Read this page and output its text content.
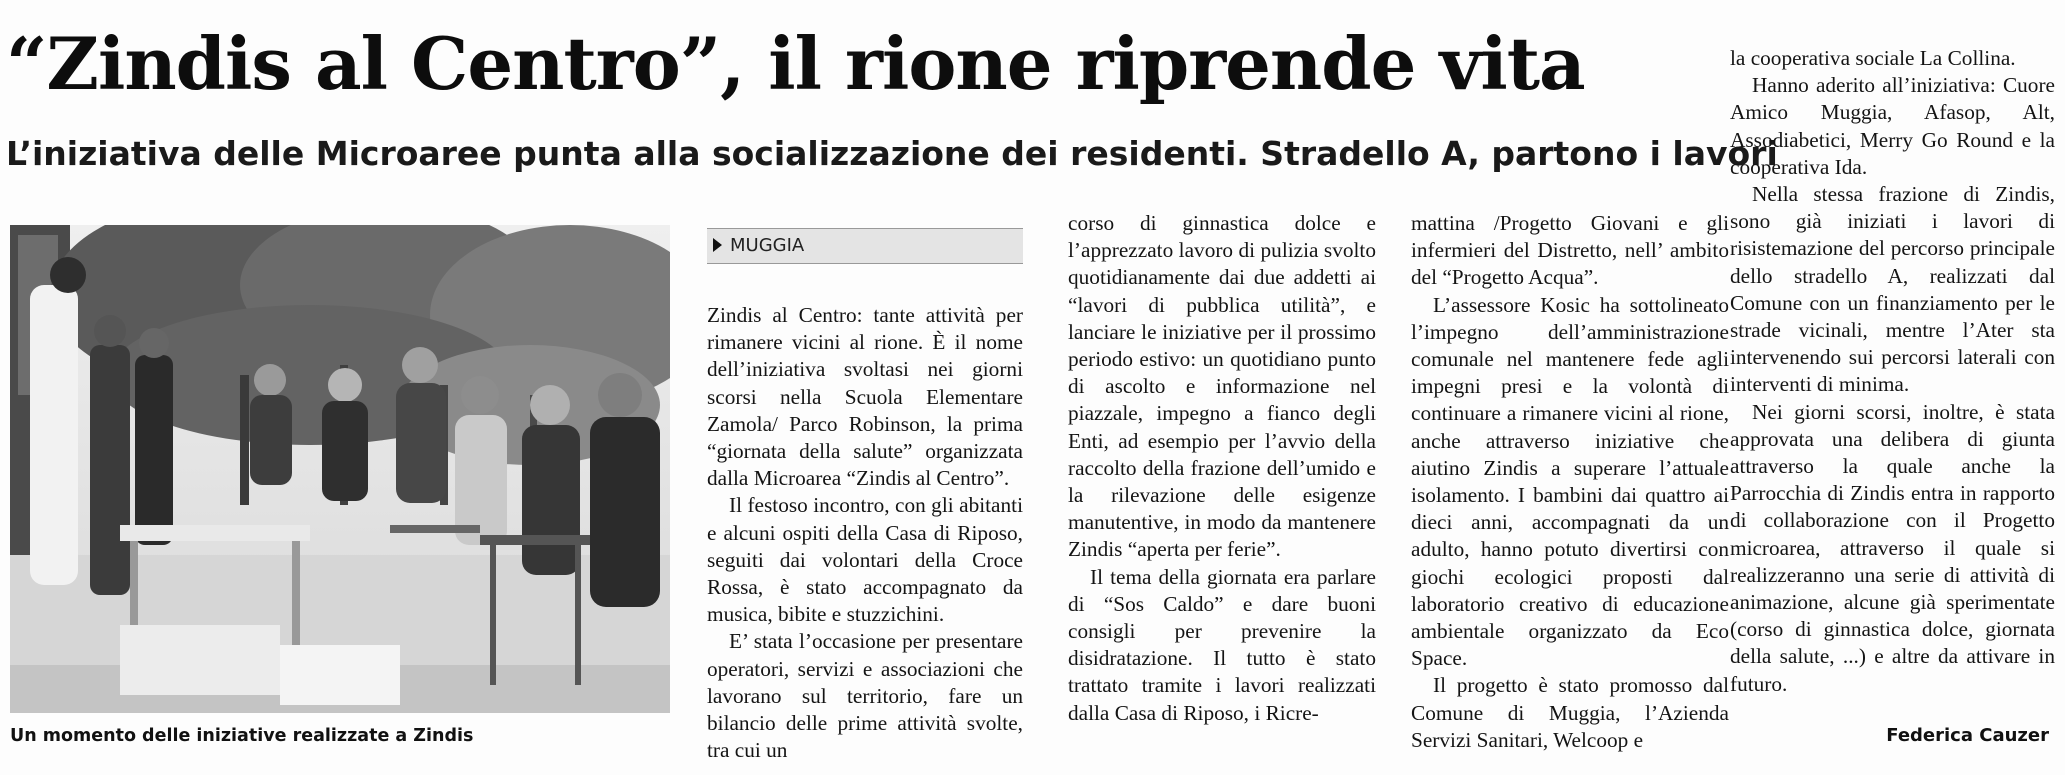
“Zindis al Centro”, il rione riprende vita
L’iniziativa delle Microaree punta alla socializzazione dei residenti. Stradello A, partono i lavori

Un momento delle iniziative realizzate a Zindis

MUGGIA

Zindis al Centro: tante attività per rimanere vicini al rione. È il nome dell’iniziativa svoltasi nei giorni scorsi nella Scuola Elementare Zamola/ Parco Robinson, la prima “giornata della salute” organizzata dalla Microarea “Zindis al Centro”.

Il festoso incontro, con gli abitanti e alcuni ospiti della Casa di Riposo, seguiti dai volontari della Croce Rossa, è stato accompagnato da musica, bibite e stuzzichini.

E’ stata l’occasione per presentare operatori, servizi e associazioni che lavorano sul territorio, fare un bilancio delle prime attività svolte, tra cui un

corso di ginnastica dolce e l’apprezzato lavoro di pulizia svolto quotidianamente dai due addetti ai “lavori di pubblica utilità”, e lanciare le iniziative per il prossimo periodo estivo: un quotidiano punto di ascolto e informazione nel piazzale, impegno a fianco degli Enti, ad esempio per l’avvio della raccolto della frazione dell’umido e la rilevazione delle esigenze manutentive, in modo da mantenere Zindis “aperta per ferie”.

Il tema della giornata era parlare di “Sos Caldo” e dare buoni consigli per prevenire la disidratazione. Il tutto è stato trattato tramite i lavori realizzati dalla Casa di Riposo, i Ricre-

mattina /Progetto Giovani e gli infermieri del Distretto, nell’ ambito del “Progetto Acqua”.

L’assessore Kosic ha sottolineato l’impegno dell’amministrazione comunale nel mantenere fede agli impegni presi e la volontà di continuare a rimanere vicini al rione, anche attraverso iniziative che aiutino Zindis a superare l’attuale isolamento. I bambini dai quattro ai dieci anni, accompagnati da un adulto, hanno potuto divertirsi con giochi ecologici proposti dal laboratorio creativo di educazione ambientale organizzato da Eco Space.

Il progetto è stato promosso dal Comune di Muggia, l’Azienda Servizi Sanitari, Welcoop e

la cooperativa sociale La Collina.

Hanno aderito all’iniziativa: Cuore Amico Muggia, Afasop, Alt, Assodiabetici, Merry Go Round e la cooperativa Ida.

Nella stessa frazione di Zindis, sono già iniziati i lavori di risistemazione del percorso principale dello stradello A, realizzati dal Comune con un finanziamento per le strade vicinali, mentre l’Ater sta intervenendo sui percorsi laterali con interventi di minima.

Nei giorni scorsi, inoltre, è stata approvata una delibera di giunta attraverso la quale anche la Parrocchia di Zindis entra in rapporto di collaborazione con il Progetto microarea, attraverso il quale si realizzeranno una serie di attività di animazione, alcune già sperimentate (corso di ginnastica dolce, giornata della salute, ...) e altre da attivare in futuro.

Federica Cauzer
